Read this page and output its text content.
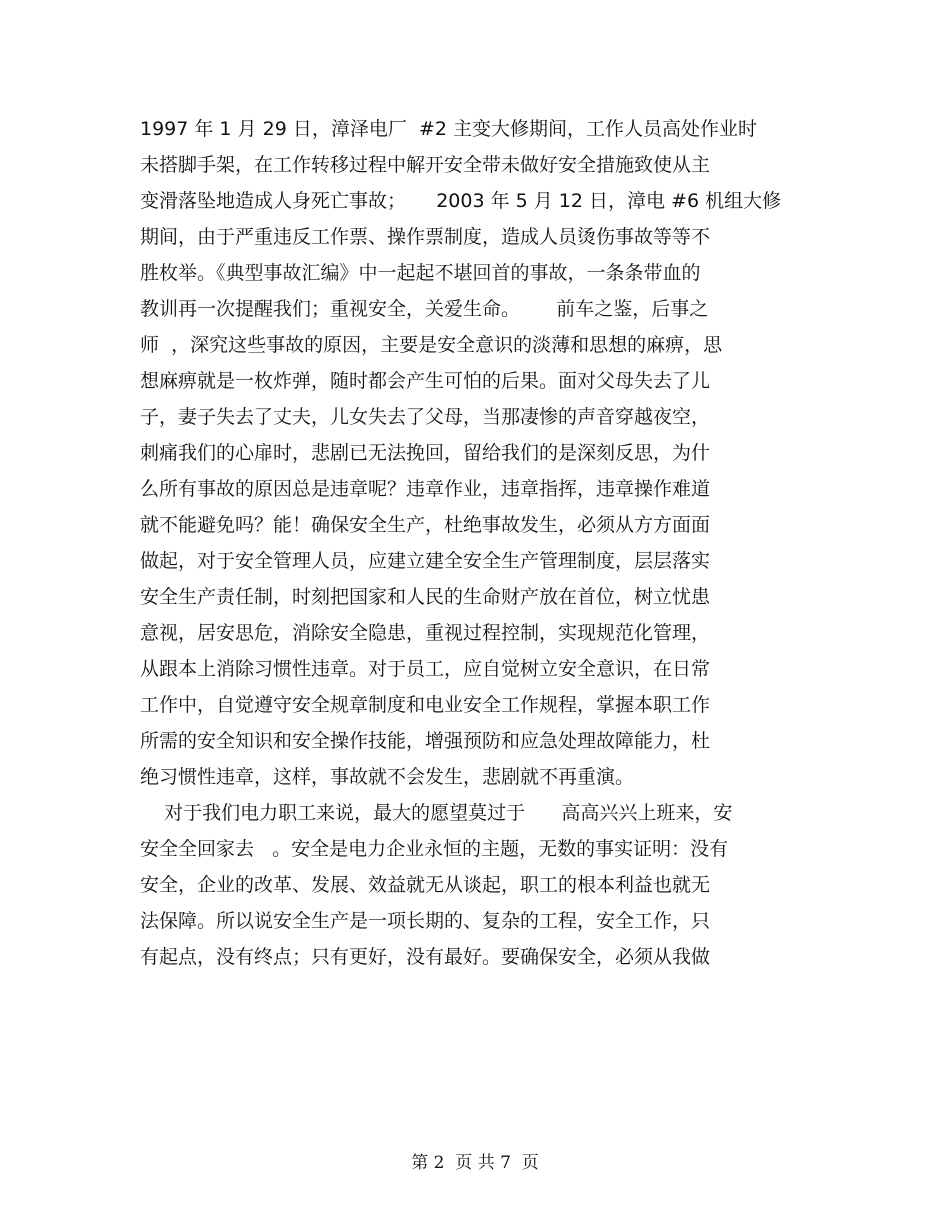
1997 年 1 月 29 日，漳泽电厂  #2 主变大修期间，工作人员高处作业时
未搭脚手架，在工作转移过程中解开安全带未做好安全措施致使从主
变滑落坠地造成人身死亡事故；     2003 年 5 月 12 日，漳电 #6 机组大修
期间，由于严重违反工作票、操作票制度，造成人员烫伤事故等等不
胜枚举。《典型事故汇编》中一起起不堪回首的事故，一条条带血的
教训再一次提醒我们；重视安全，关爱生命。      前车之鉴，后事之
师  ，深究这些事故的原因，主要是安全意识的淡薄和思想的麻痹，思
想麻痹就是一枚炸弹，随时都会产生可怕的后果。面对父母失去了儿
子，妻子失去了丈夫，儿女失去了父母，当那凄惨的声音穿越夜空，
刺痛我们的心扉时，悲剧已无法挽回，留给我们的是深刻反思，为什
么所有事故的原因总是违章呢？违章作业，违章指挥，违章操作难道
就不能避免吗？能！确保安全生产，杜绝事故发生，必须从方方面面
做起，对于安全管理人员，应建立建全安全生产管理制度，层层落实
安全生产责任制，时刻把国家和人民的生命财产放在首位，树立忧患
意视，居安思危，消除安全隐患，重视过程控制，实现规范化管理，
从跟本上消除习惯性违章。对于员工，应自觉树立安全意识，在日常
工作中，自觉遵守安全规章制度和电业安全工作规程，掌握本职工作
所需的安全知识和安全操作技能，增强预防和应急处理故障能力，杜
绝习惯性违章，这样，事故就不会发生，悲剧就不再重演。
对于我们电力职工来说，最大的愿望莫过于      高高兴兴上班来，安
安全全回家去   。安全是电力企业永恒的主题，无数的事实证明：没有
安全，企业的改革、发展、效益就无从谈起，职工的根本利益也就无
法保障。所以说安全生产是一项长期的、复杂的工程，安全工作，只
有起点，没有终点；只有更好，没有最好。要确保安全，必须从我做
第 2  页 共 7  页
